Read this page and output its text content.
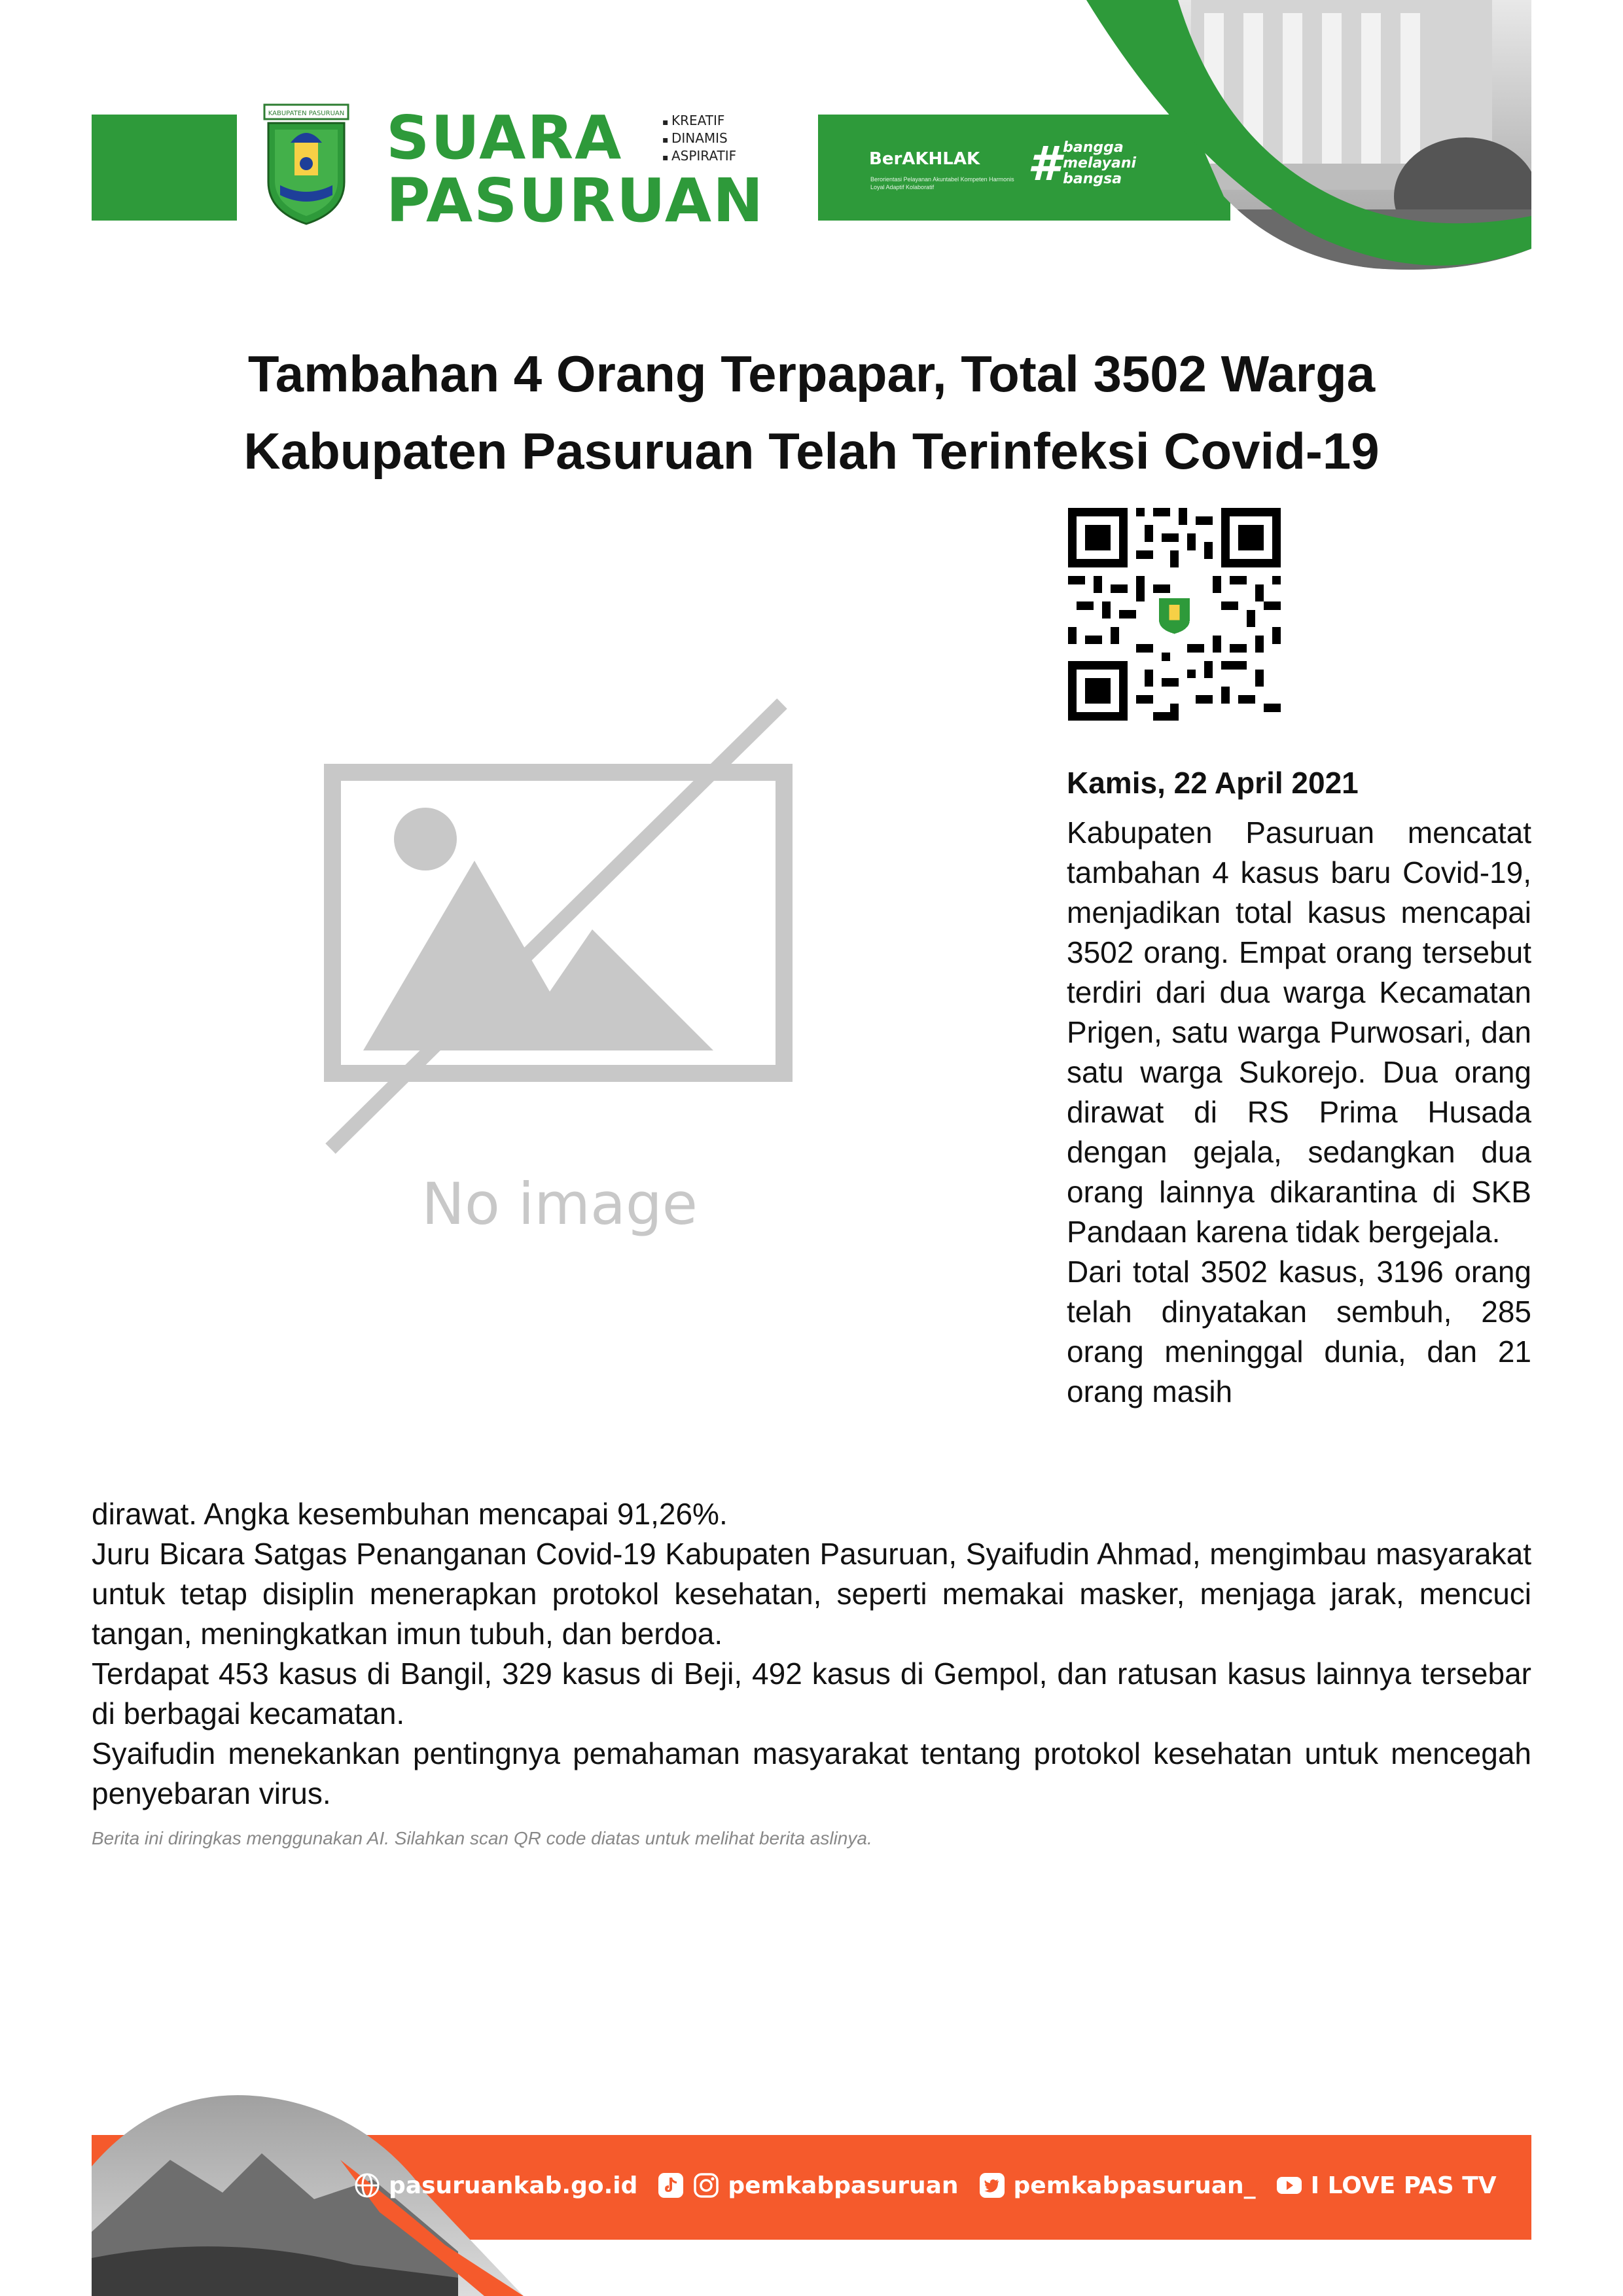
KABUPATEN PASURUAN SUARA
PASURUAN
▪ KREATIF
▪ DINAMIS
▪ ASPIRATIF	BerAKHLAK
Berorientasi Pelayanan Akuntabel Kompeten Harmonis Loyal Adaptif Kolaboratif	# bangga
melayani
bangsa
Tambahan 4 Orang Terpapar, Total 3502 Warga Kabupaten Pasuruan Telah Terinfeksi Covid-19
No image
Kamis, 22 April 2021

Kabupaten Pasuruan mencatat tambahan 4 kasus baru Covid-19, menjadikan total kasus mencapai 3502 orang. Empat orang tersebut terdiri dari dua warga Kecamatan Prigen, satu warga Purwosari, dan satu warga Sukorejo. Dua orang dirawat di RS Prima Husada dengan gejala, sedangkan dua orang lainnya dikarantina di SKB Pandaan karena tidak bergejala.

Dari total 3502 kasus, 3196 orang telah dinyatakan sembuh, 285 orang meninggal dunia, dan 21 orang masih

dirawat. Angka kesembuhan mencapai 91,26%.

Juru Bicara Satgas Penanganan Covid-19 Kabupaten Pasuruan, Syaifudin Ahmad, mengimbau masyarakat untuk tetap disiplin menerapkan protokol kesehatan, seperti memakai masker, menjaga jarak, mencuci tangan, meningkatkan imun tubuh, dan berdoa.

Terdapat 453 kasus di Bangil, 329 kasus di Beji, 492 kasus di Gempol, dan ratusan kasus lainnya tersebar di berbagai kecamatan.

Syaifudin menekankan pentingnya pemahaman masyarakat tentang protokol kesehatan untuk mencegah penyebaran virus.

Berita ini diringkas menggunakan AI. Silahkan scan QR code diatas untuk melihat berita aslinya.
pasuruankab.go.id	pemkabpasuruan pemkabpasuruan_ I LOVE PAS TV
